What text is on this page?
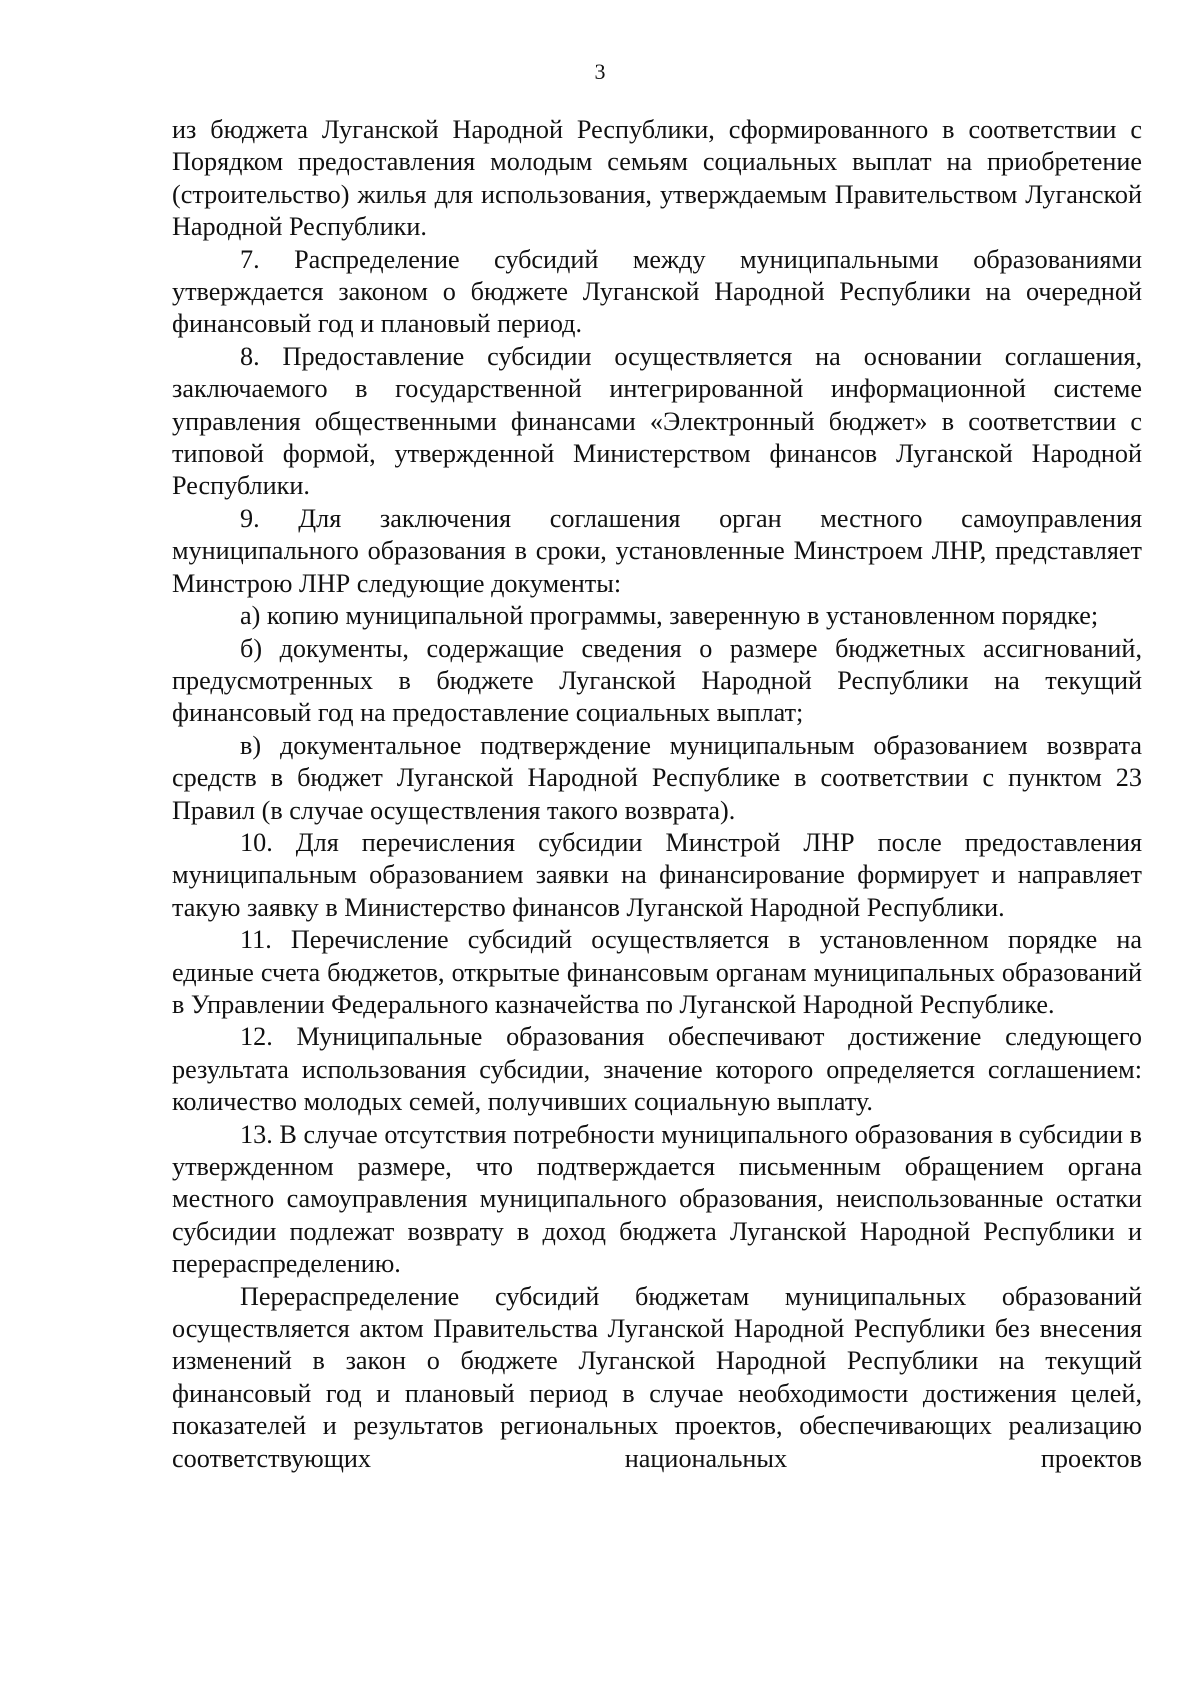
3

из бюджета Луганской Народной Республики, сформированного в соответствии с Порядком предоставления молодым семьям социальных выплат на приобретение (строительство) жилья для использования, утверждаемым Правительством Луганской Народной Республики.

7. Распределение субсидий между муниципальными образованиями утверждается законом о бюджете Луганской Народной Республики на очередной финансовый год и плановый период.

8. Предоставление субсидии осуществляется на основании соглашения, заключаемого в государственной интегрированной информационной системе управления общественными финансами «Электронный бюджет» в соответствии с типовой формой, утвержденной Министерством финансов Луганской Народной Республики.

9. Для заключения соглашения орган местного самоуправления муниципального образования в сроки, установленные Минстроем ЛНР, представляет Минстрою ЛНР следующие документы:

а) копию муниципальной программы, заверенную в установленном порядке;

б) документы, содержащие сведения о размере бюджетных ассигнований, предусмотренных в бюджете Луганской Народной Республики на текущий финансовый год на предоставление социальных выплат;

в) документальное подтверждение муниципальным образованием возврата средств в бюджет Луганской Народной Республике в соответствии с пунктом 23 Правил (в случае осуществления такого возврата).

10. Для перечисления субсидии Минстрой ЛНР после предоставления муниципальным образованием заявки на финансирование формирует и направляет такую заявку в Министерство финансов Луганской Народной Республики.

11. Перечисление субсидий осуществляется в установленном порядке на единые счета бюджетов, открытые финансовым органам муниципальных образований в Управлении Федерального казначейства по Луганской Народной Республике.

12. Муниципальные образования обеспечивают достижение следующего результата использования субсидии, значение которого определяется соглашением: количество молодых семей, получивших социальную выплату.

13. В случае отсутствия потребности муниципального образования в субсидии в утвержденном размере, что подтверждается письменным обращением органа местного самоуправления муниципального образования, неиспользованные остатки субсидии подлежат возврату в доход бюджета Луганской Народной Республики и перераспределению.

Перераспределение субсидий бюджетам муниципальных образований осуществляется актом Правительства Луганской Народной Республики без внесения изменений в закон о бюджете Луганской Народной Республики на текущий финансовый год и плановый период в случае необходимости достижения целей, показателей и результатов региональных проектов, обеспечивающих реализацию соответствующих национальных проектов
